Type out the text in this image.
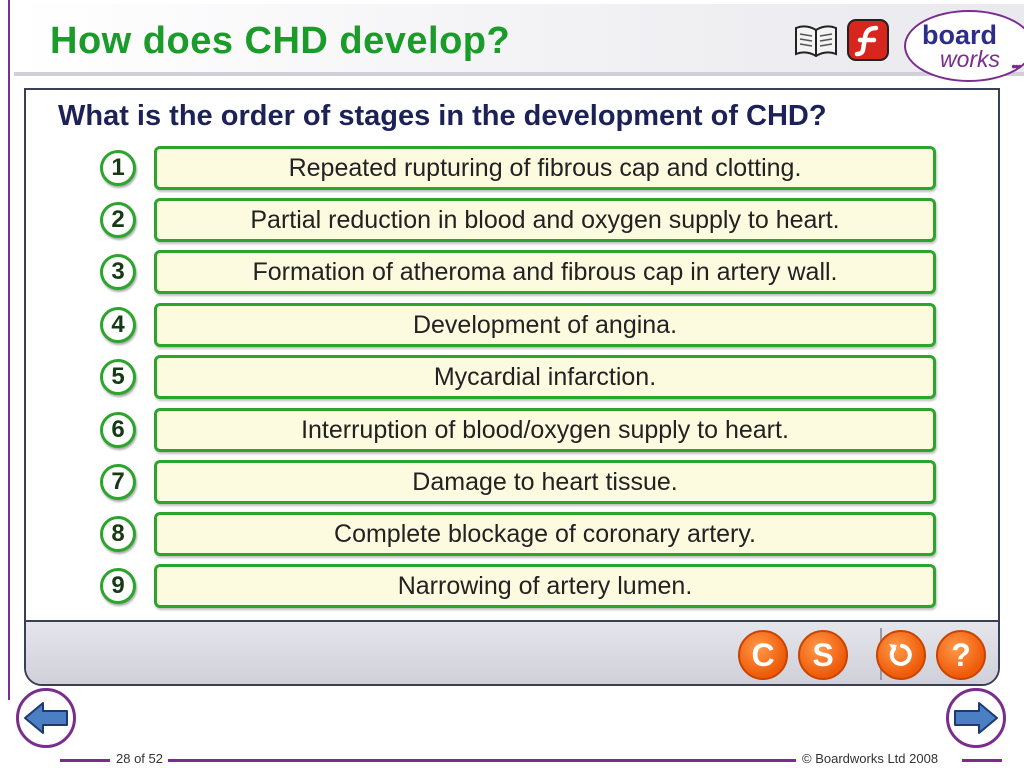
How does CHD develop?	board
works •••
What is the order of stages in the development of CHD?
1	Repeated rupturing of fibrous cap and clotting.
2	Partial reduction in blood and oxygen supply to heart.
3	Formation of atheroma and fibrous cap in artery wall.
4	Development of angina.
5	Mycardial infarction.
6	Interruption of blood/oxygen supply to heart.
7	Damage to heart tissue.
8	Complete blockage of coronary artery.
9	Narrowing of artery lumen.
C	S	?
28 of 52	© Boardworks Ltd 2008
